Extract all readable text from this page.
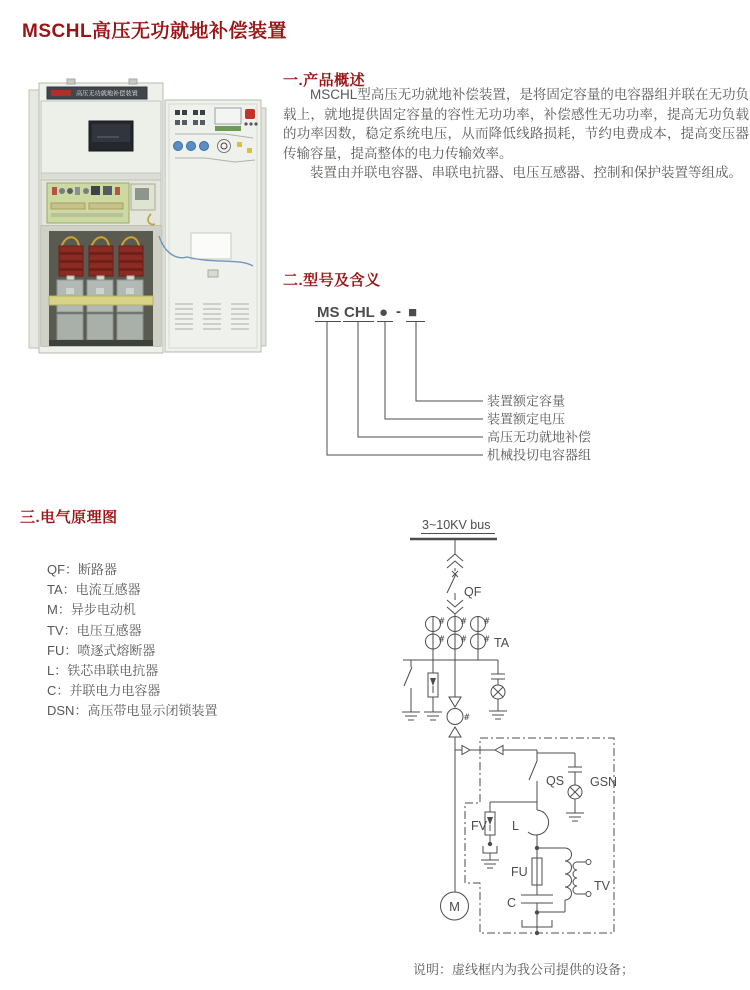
MSCHL高压无功就地补偿装置
高压无功就地补偿装置
一.产品概述

MSCHL型高压无功就地补偿装置，是将固定容量的电容器组并联在无功负载上，就地提供固定容量的容性无功功率，补偿感性无功功率，提高无功负载的功率因数，稳定系统电压，从而降低线路损耗，节约电费成本，提高变压器传输容量，提高整体的电力传输效率。

装置由并联电容器、串联电抗器、电压互感器、控制和保护装置等组成。

二.型号及含义
MS CHL ● - ■
装置额定容量
装置额定电压
高压无功就地补偿
机械投切电容器组
三.电气原理图
QF：断路器
TA：电流互感器
M：异步电动机
TV：电压互感器
FU：喷逐式熔断器
L：铁芯串联电抗器
C：并联电力电容器
DSN：高压带电显示闭锁装置
3~10KV bus
QF
# # #
# # # TA
#
M
GSN
QS
FV L
FU
C
TV
说明：虚线框内为我公司提供的设备；
